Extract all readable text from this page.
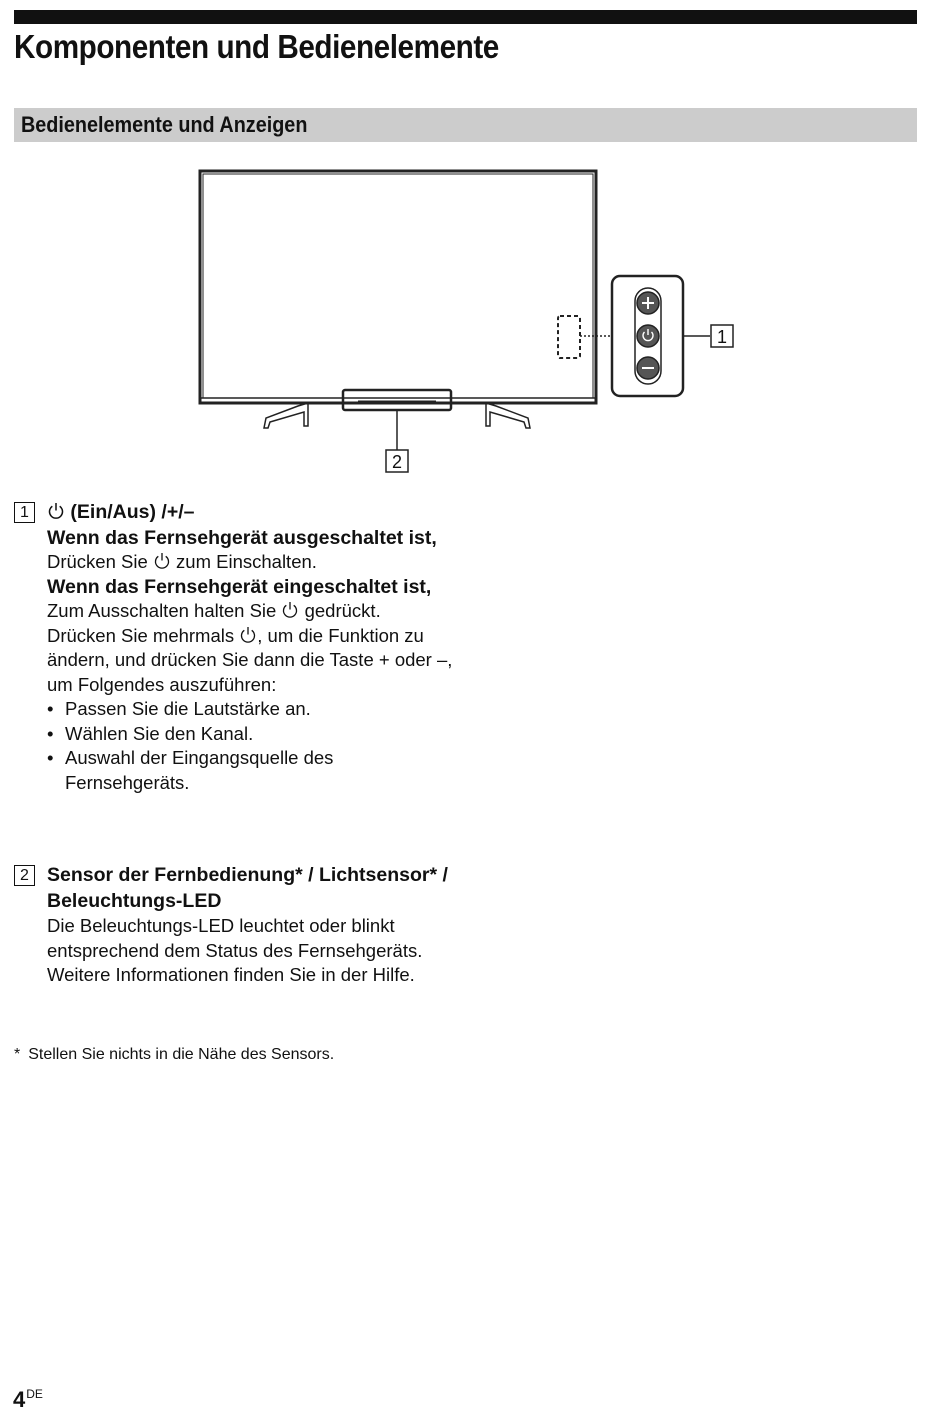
Komponenten und Bedienelemente
Bedienelemente und Anzeigen
1
2
1	(Ein/Aus) /+/–
Wenn das Fernsehgerät ausgeschaltet ist,

Drücken Sie zum Einschalten.

Wenn das Fernsehgerät eingeschaltet ist,

Zum Ausschalten halten Sie gedrückt.

Drücken Sie mehrmals , um die Funktion zu ändern, und drücken Sie dann die Taste + oder –, um Folgendes auszuführen:

• Passen Sie die Lautstärke an.
• Wählen Sie den Kanal.
• Auswahl der Eingangsquelle des Fernsehgeräts.
2 Sensor der Fernbedienung* / Lichtsensor* / Beleuchtungs-LED

Die Beleuchtungs-LED leuchtet oder blinkt entsprechend dem Status des Fernsehgeräts.

Weitere Informationen finden Sie in der Hilfe.

* Stellen Sie nichts in die Nähe des Sensors.
4DE
